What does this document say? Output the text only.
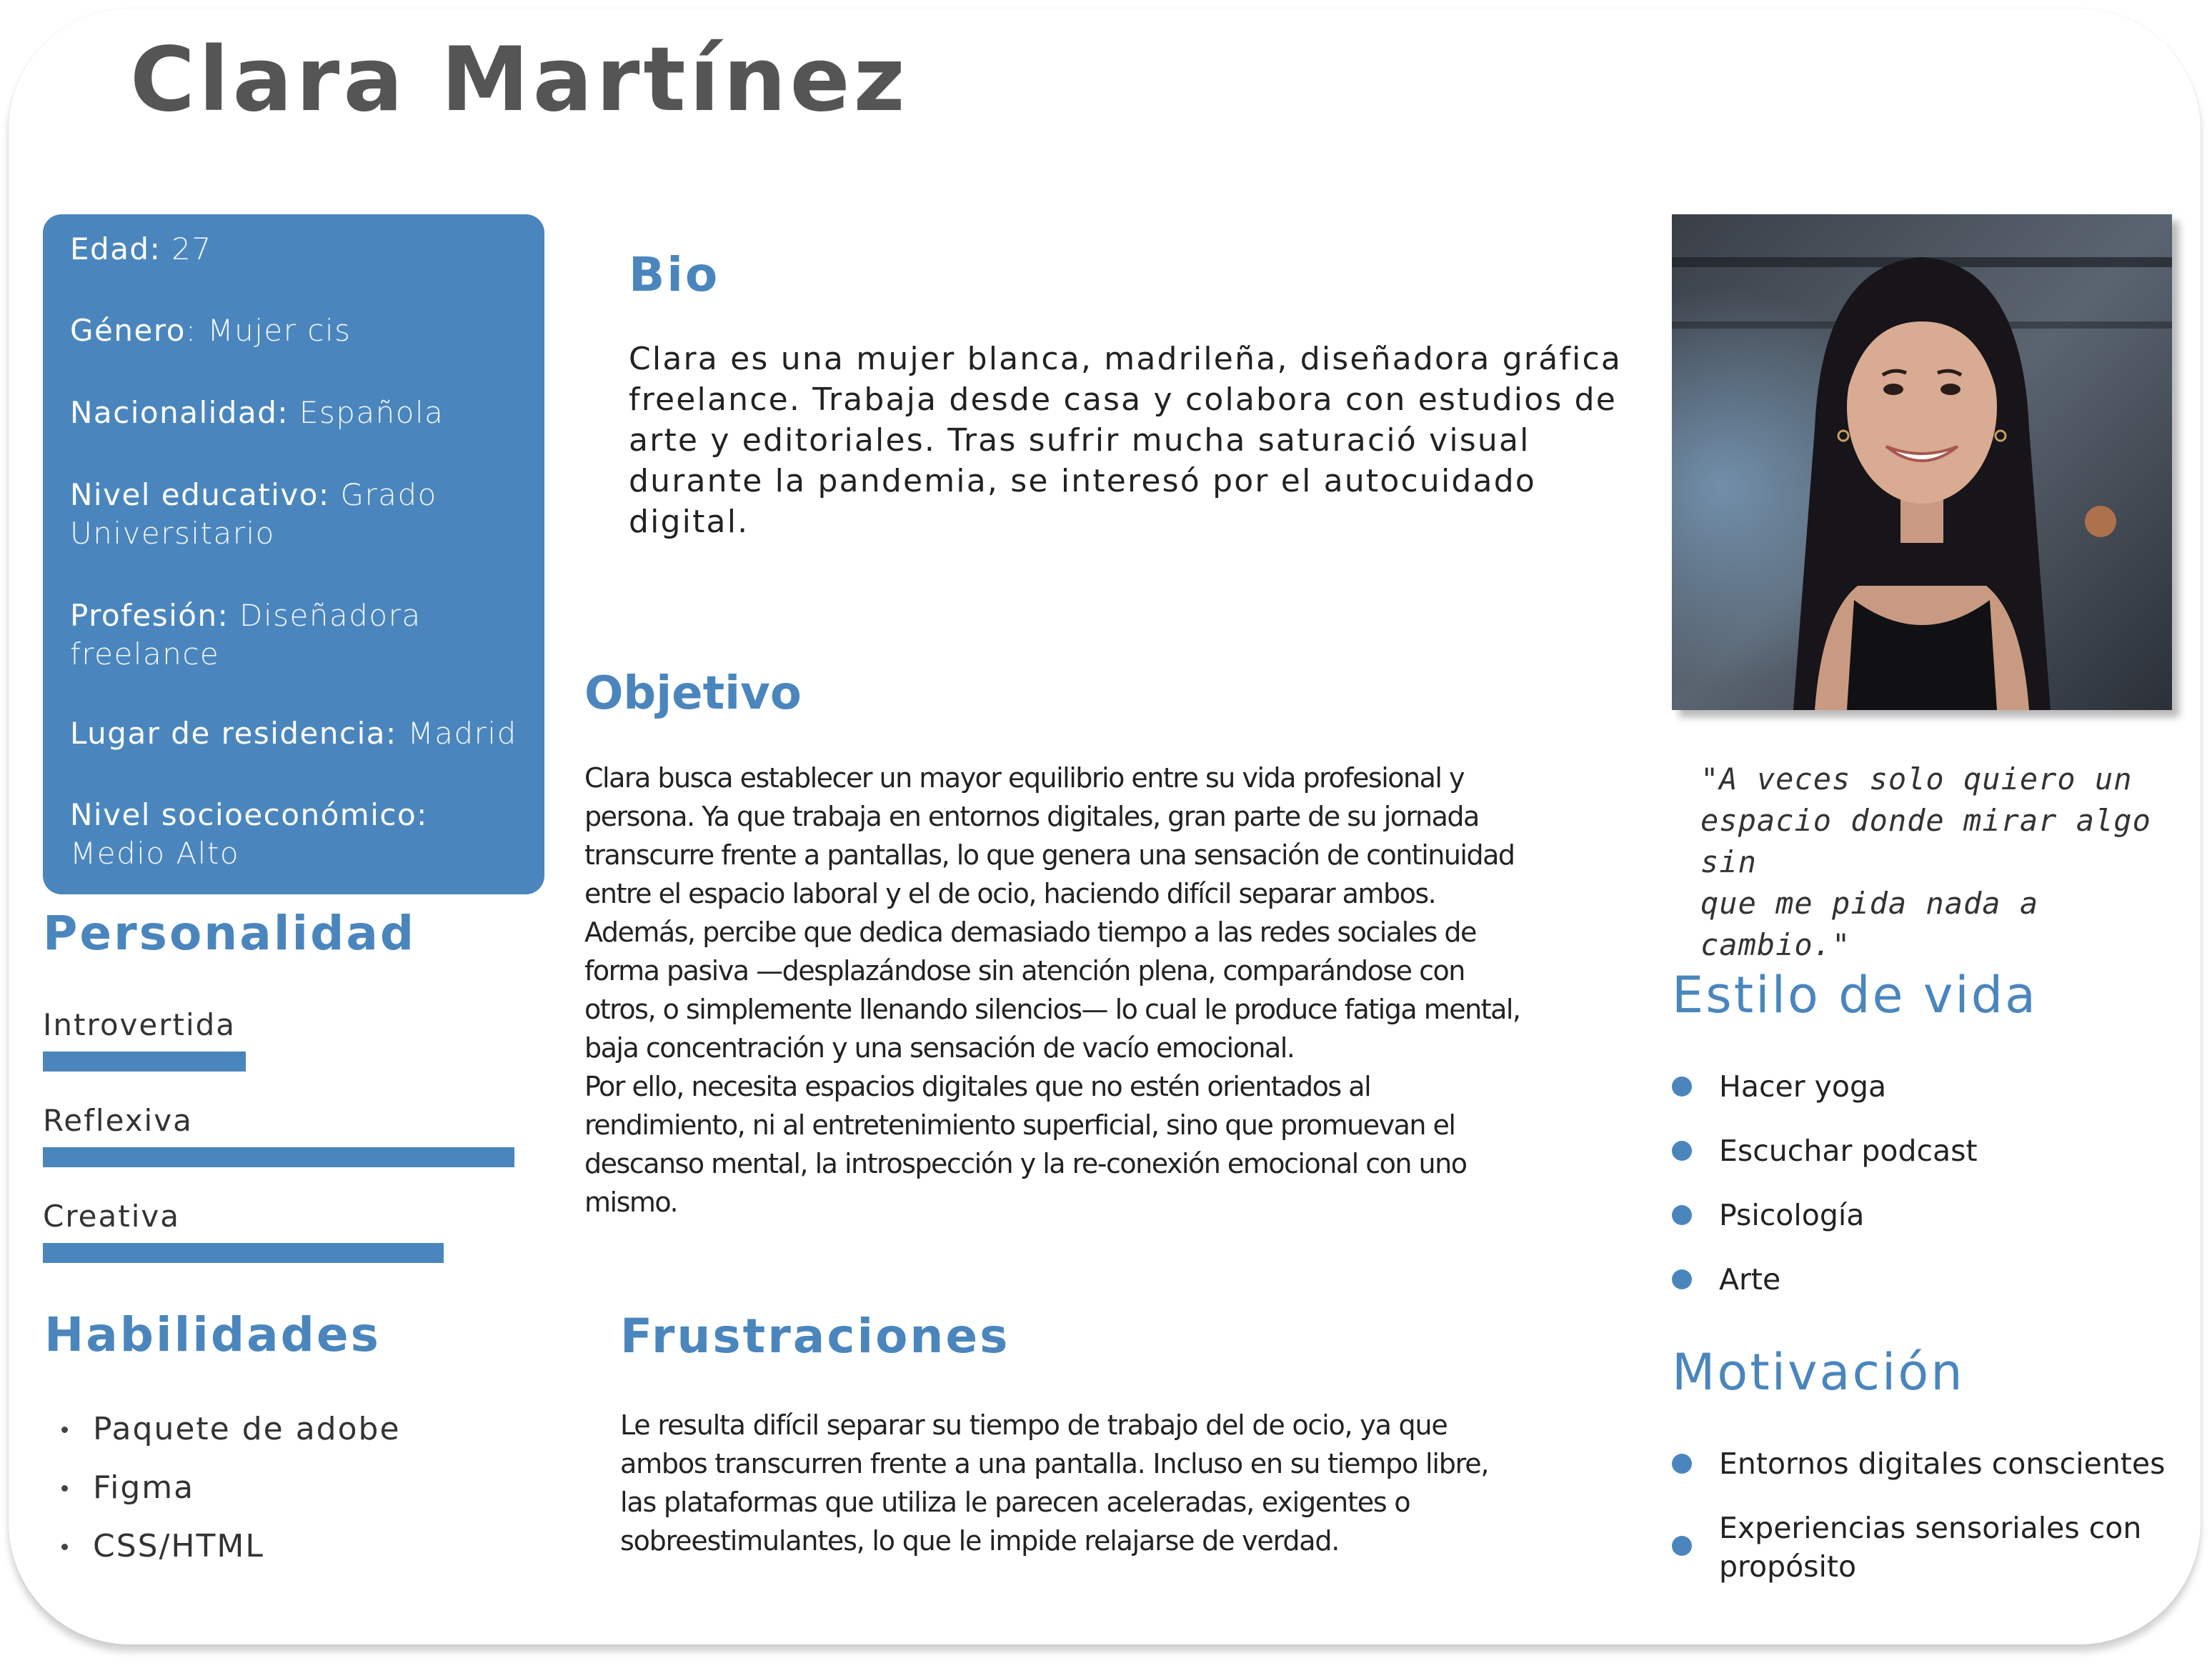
Clara Martínez

Edad: 27

Género: Mujer cis

Nacionalidad: Española

Nivel educativo: Grado Universitario

Profesión: Diseñadora freelance

Lugar de residencia: Madrid

Nivel socioeconómico: Medio Alto

Personalidad

Introvertida

Reflexiva

Creativa

Habilidades
Paquete de adobe
Figma
CSS/HTML
Bio
Clara es una mujer blanca, madrileña, diseñadora gráfica
freelance. Trabaja desde casa y colabora con estudios de
arte y editoriales. Tras sufrir mucha saturació visual
durante la pandemia, se interesó por el autocuidado
digital.
Objetivo
Clara busca establecer un mayor equilibrio entre su vida profesional y
persona. Ya que trabaja en entornos digitales, gran parte de su jornada
transcurre frente a pantallas, lo que genera una sensación de continuidad
entre el espacio laboral y el de ocio, haciendo difícil separar ambos.
Además, percibe que dedica demasiado tiempo a las redes sociales de
forma pasiva —desplazándose sin atención plena, comparándose con
otros, o simplemente llenando silencios— lo cual le produce fatiga mental,
baja concentración y una sensación de vacío emocional.
Por ello, necesita espacios digitales que no estén orientados al
rendimiento, ni al entretenimiento superficial, sino que promuevan el
descanso mental, la introspección y la re-conexión emocional con uno
mismo.
Frustraciones
Le resulta difícil separar su tiempo de trabajo del de ocio, ya que
ambos transcurren frente a una pantalla. Incluso en su tiempo libre,
las plataformas que utiliza le parecen aceleradas, exigentes o
sobreestimulantes, lo que le impide relajarse de verdad.
"A veces solo quiero un
espacio donde mirar algo sin
que me pida nada a cambio."
Estilo de vida
Hacer yoga
Escuchar podcast
Psicología
Arte
Motivación
Entornos digitales conscientes
Experiencias sensoriales con propósito
